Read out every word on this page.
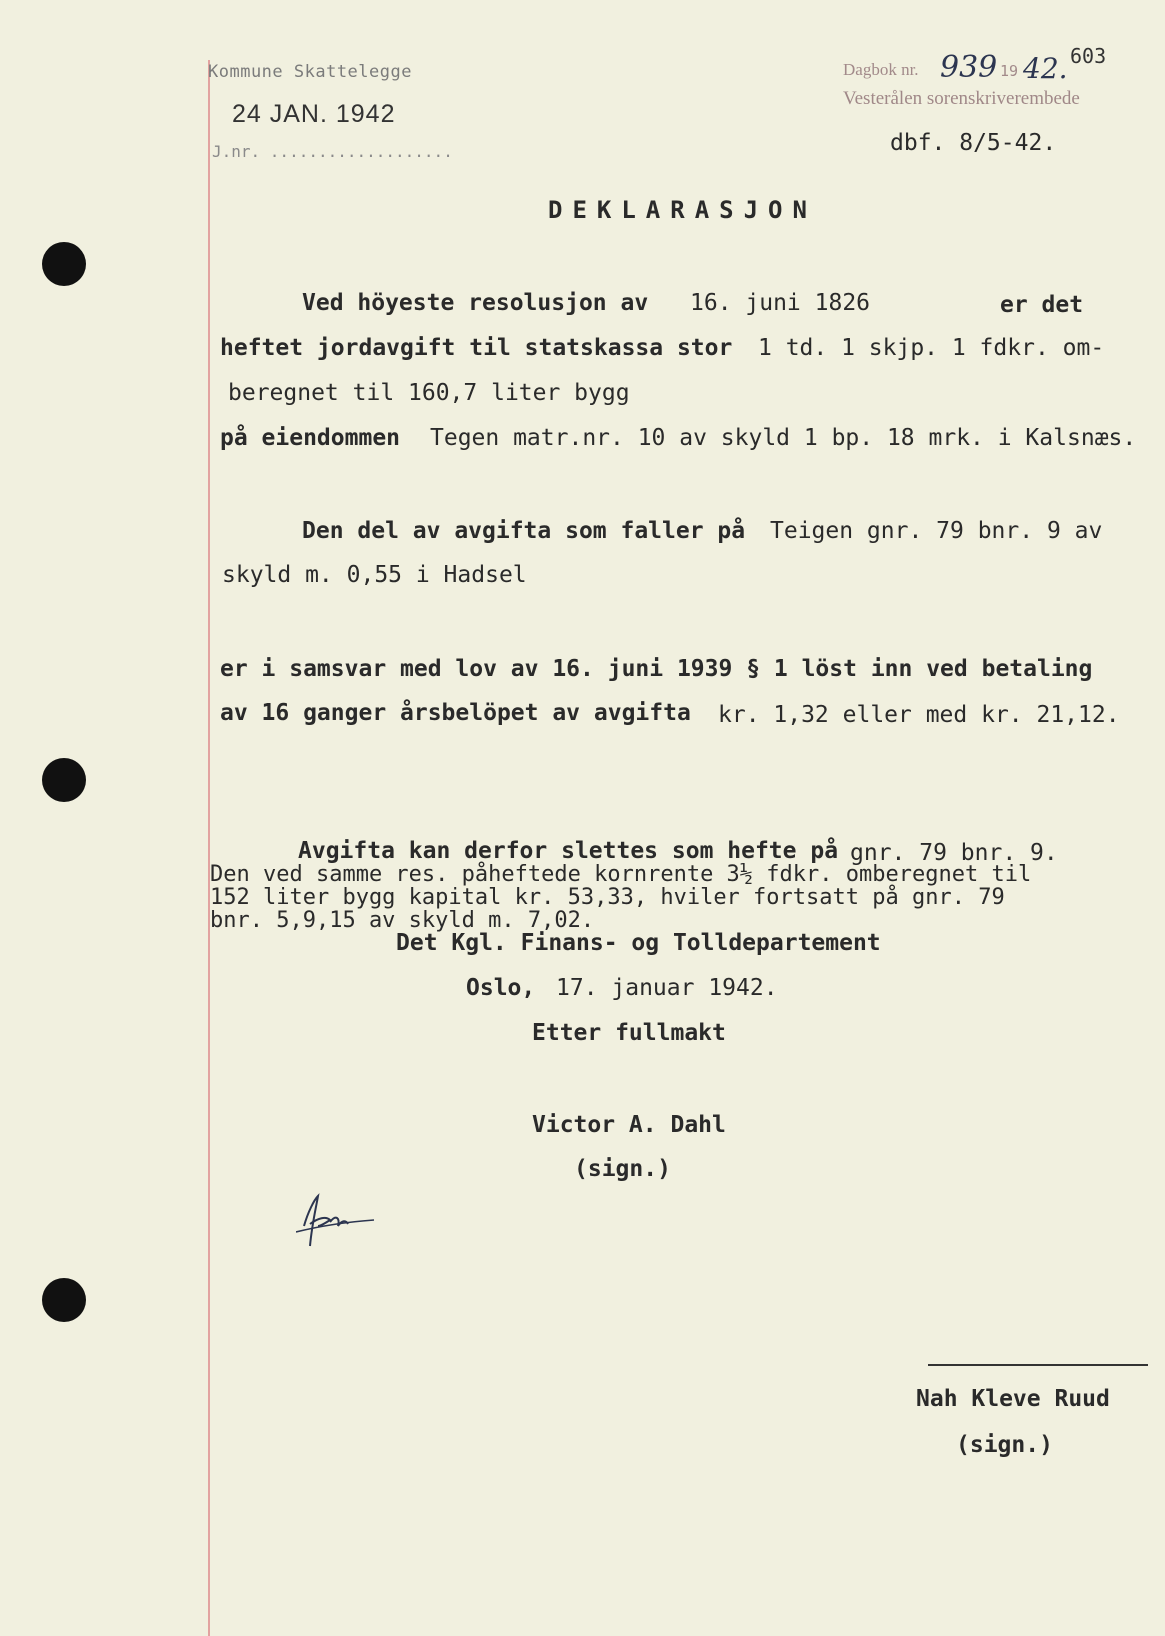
Kommune Skattelegge
24 JAN. 1942
J.nr. ...................
Dagbok nr. 939 19 42. 603
Vesterålen sorenskriverembede
dbf. 8/5-42.
DEKLARASJON
Ved höyeste resolusjon av 16. juni 1826	er det
heftet jordavgift til statskassa stor 1 td. 1 skjp. 1 fdkr. om-
beregnet til 160,7 liter bygg
på eiendommen Tegen matr.nr. 10 av skyld 1 bp. 18 mrk. i Kalsnæs.
Den del av avgifta som faller på Teigen gnr. 79 bnr. 9 av
skyld m. 0,55 i Hadsel
er i samsvar med lov av 16. juni 1939 § 1 löst inn ved betaling
av 16 ganger årsbelöpet av avgifta kr. 1,32 eller med kr. 21,12.
Avgifta kan derfor slettes som hefte på gnr. 79 bnr. 9.
Den ved samme res. påheftede kornrente 3½ fdkr. omberegnet til
152 liter bygg kapital kr. 53,33, hviler fortsatt på gnr. 79
bnr. 5,9,15 av skyld m. 7,02.
Det Kgl. Finans- og Tolldepartement
Oslo, 17. januar 1942.
Etter fullmakt
Victor A. Dahl
(sign.)
Nah Kleve Ruud
(sign.)
